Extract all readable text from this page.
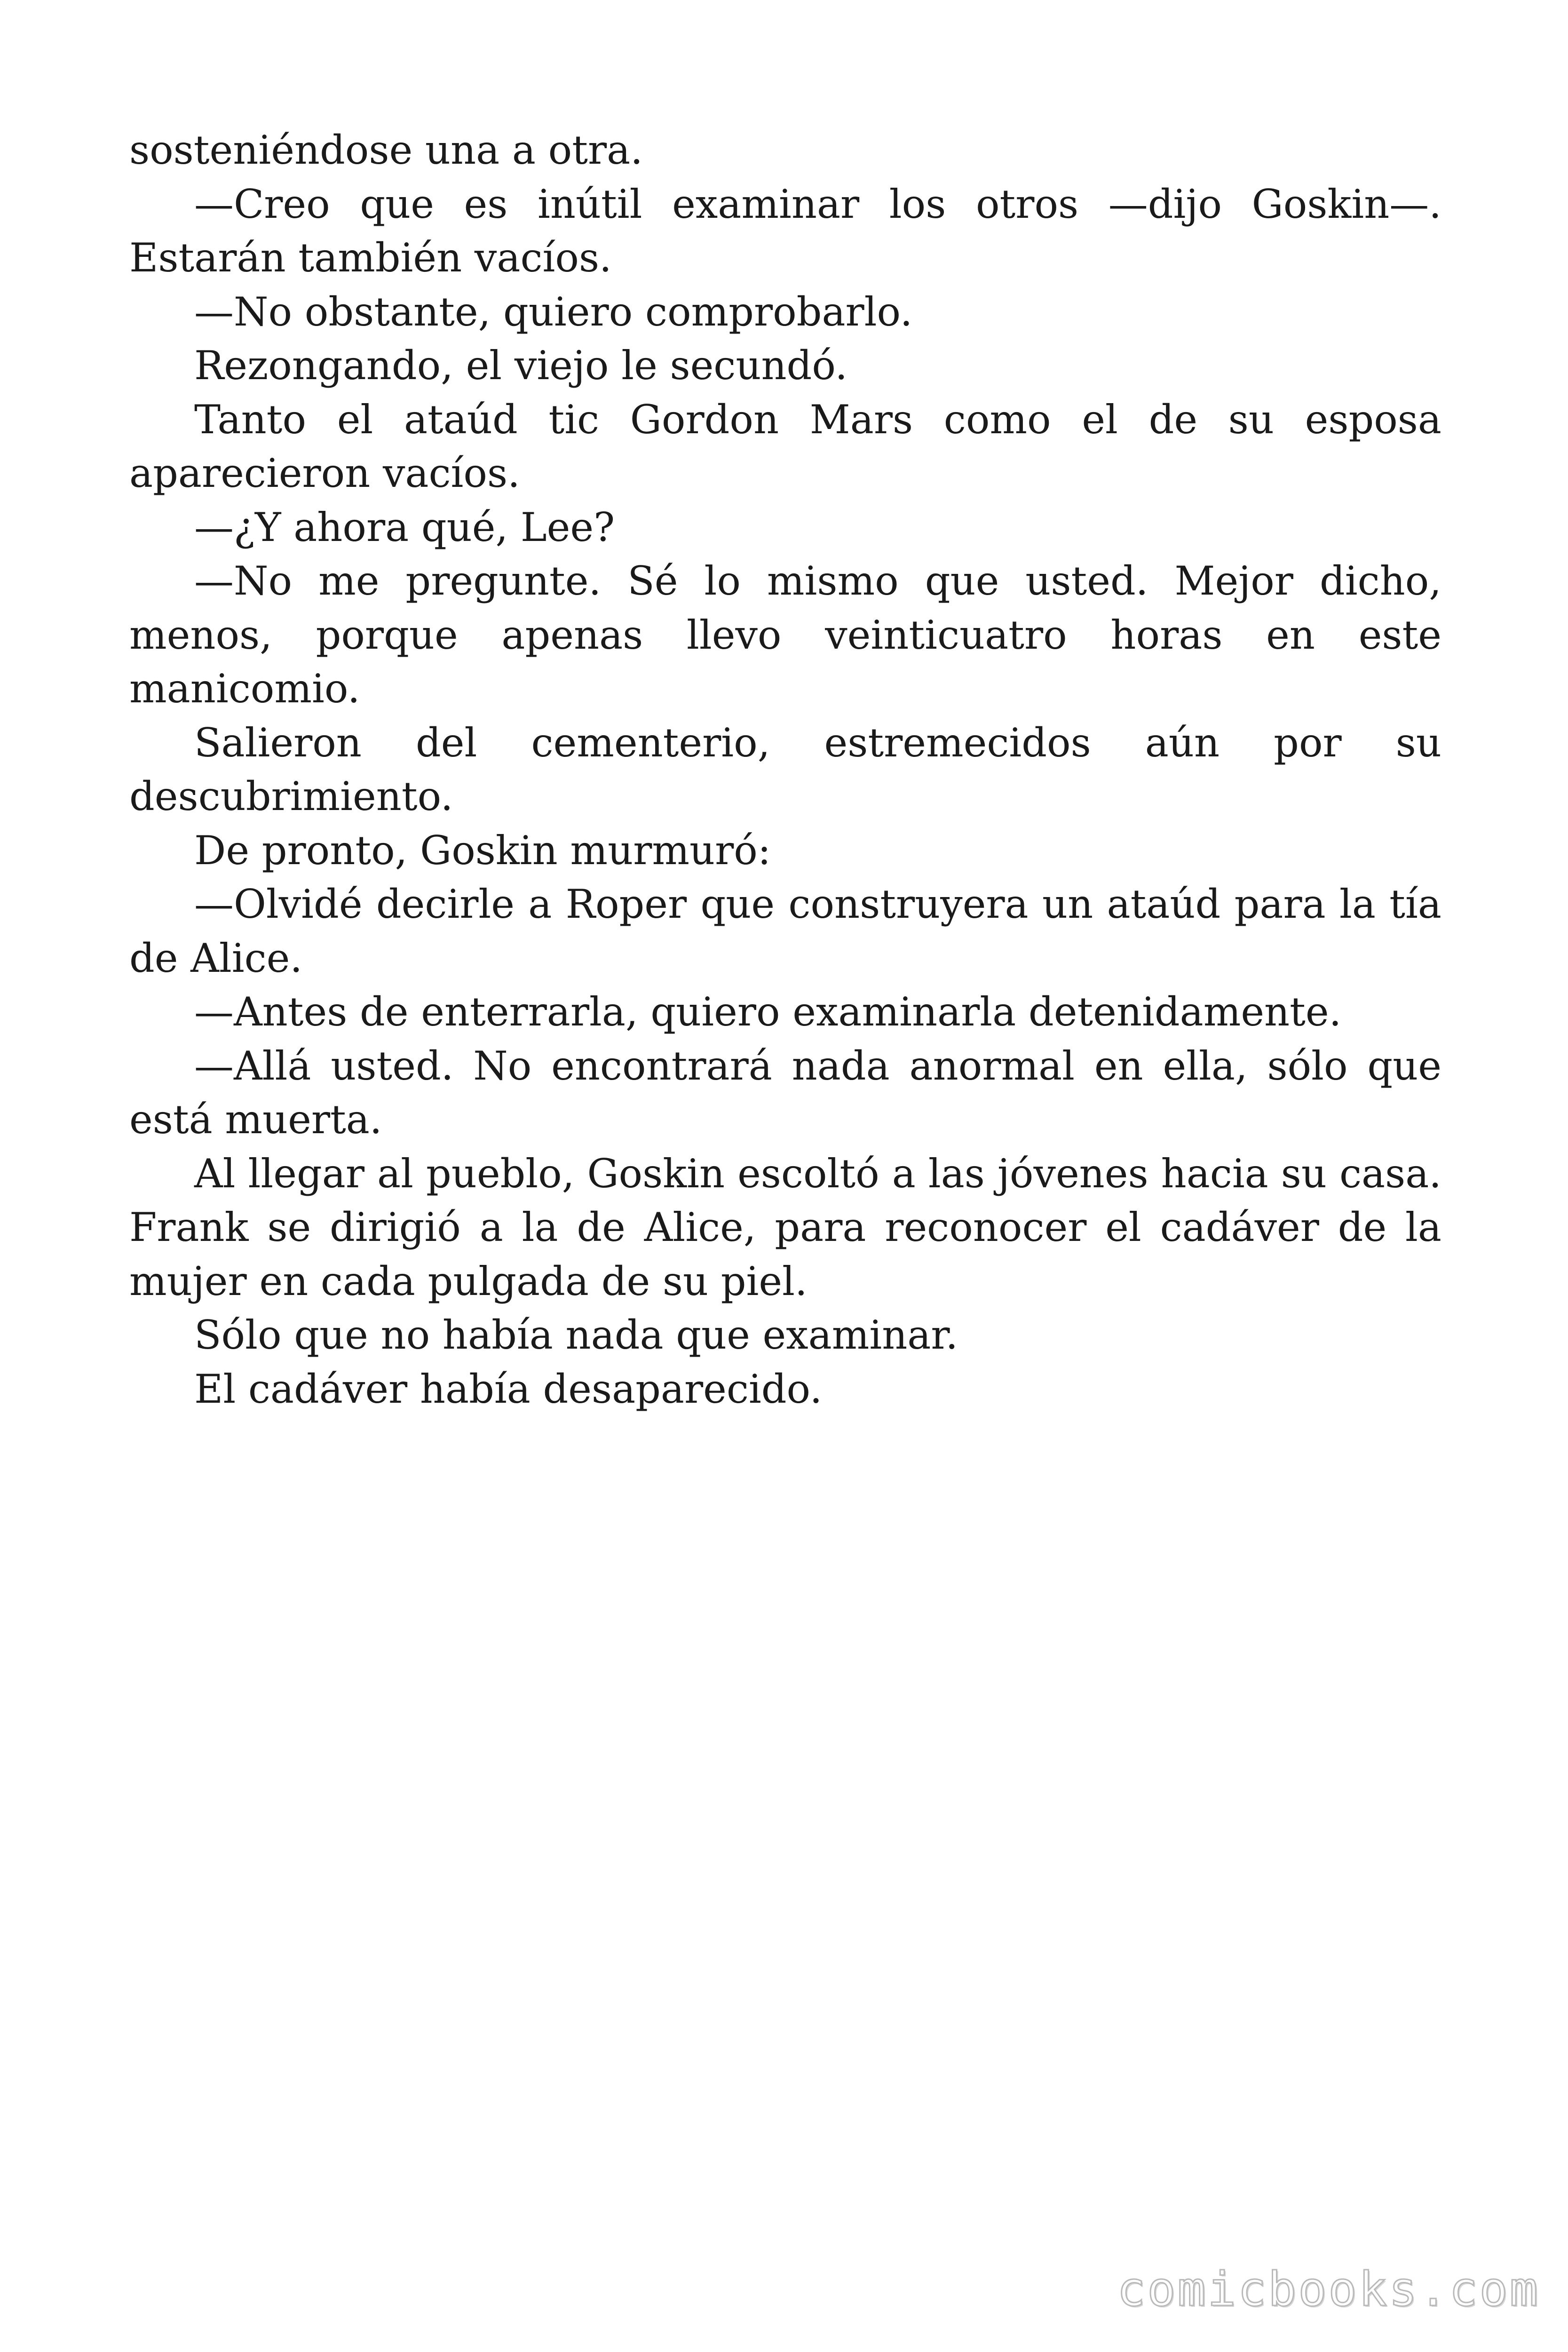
sosteniéndose una a otra.

—Creo que es inútil examinar los otros —dijo Goskin—. Estarán también vacíos.

—No obstante, quiero comprobarlo.

Rezongando, el viejo le secundó.

Tanto el ataúd tic Gordon Mars como el de su esposa aparecieron vacíos.

—¿Y ahora qué, Lee?

—No me pregunte. Sé lo mismo que usted. Mejor dicho, menos, porque apenas llevo veinticuatro horas en este manicomio.

Salieron del cementerio, estremecidos aún por su descubrimiento.

De pronto, Goskin murmuró:

—Olvidé decirle a Roper que construyera un ataúd para la tía de Alice.

—Antes de enterrarla, quiero examinarla detenidamente.

—Allá usted. No encontrará nada anormal en ella, sólo que está muerta.

Al llegar al pueblo, Goskin escoltó a las jóvenes hacia su casa. Frank se dirigió a la de Alice, para reconocer el cadáver de la mujer en cada pulgada de su piel.

Sólo que no había nada que examinar.

El cadáver había desaparecido.

comicbooks.com
